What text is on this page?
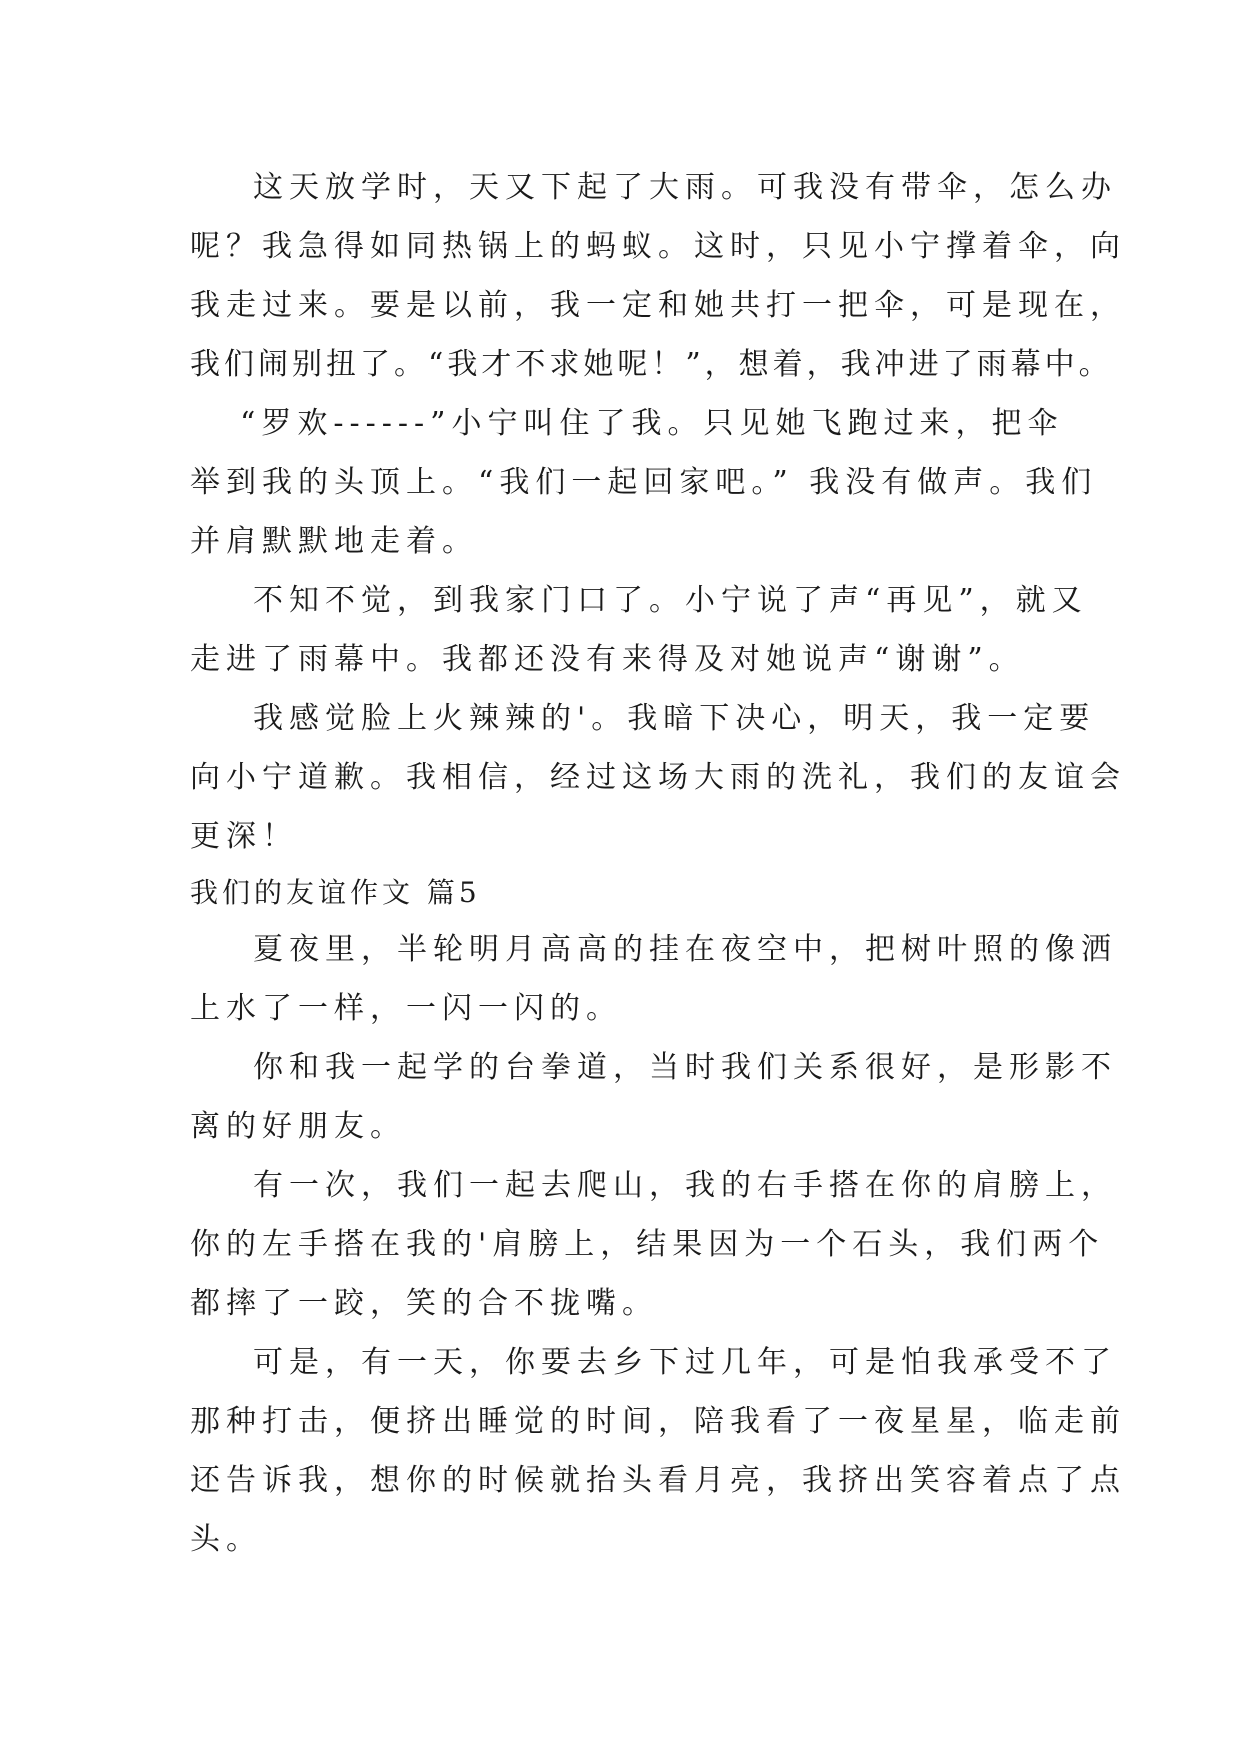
这天放学时，天又下起了大雨。可我没有带伞，怎么办
呢？我急得如同热锅上的蚂蚁。这时，只见小宁撑着伞，向
我走过来。要是以前，我一定和她共打一把伞，可是现在，
我们闹别扭了。“我才不求她呢！”，想着，我冲进了雨幕中。
“罗欢------”小宁叫住了我。只见她飞跑过来，把伞
举到我的头顶上。“我们一起回家吧。” 我没有做声。我们
并肩默默地走着。
不知不觉，到我家门口了。小宁说了声“再见”，就又
走进了雨幕中。我都还没有来得及对她说声“谢谢”。
我感觉脸上火辣辣的'。我暗下决心，明天，我一定要
向小宁道歉。我相信，经过这场大雨的洗礼，我们的友谊会
更深！
我们的友谊作文 篇5
夏夜里，半轮明月高高的挂在夜空中，把树叶照的像洒
上水了一样，一闪一闪的。
你和我一起学的台拳道，当时我们关系很好，是形影不
离的好朋友。
有一次，我们一起去爬山，我的右手搭在你的肩膀上，
你的左手搭在我的'肩膀上，结果因为一个石头，我们两个
都摔了一跤，笑的合不拢嘴。
可是，有一天，你要去乡下过几年，可是怕我承受不了
那种打击，便挤出睡觉的时间，陪我看了一夜星星，临走前
还告诉我，想你的时候就抬头看月亮，我挤出笑容着点了点
头。
